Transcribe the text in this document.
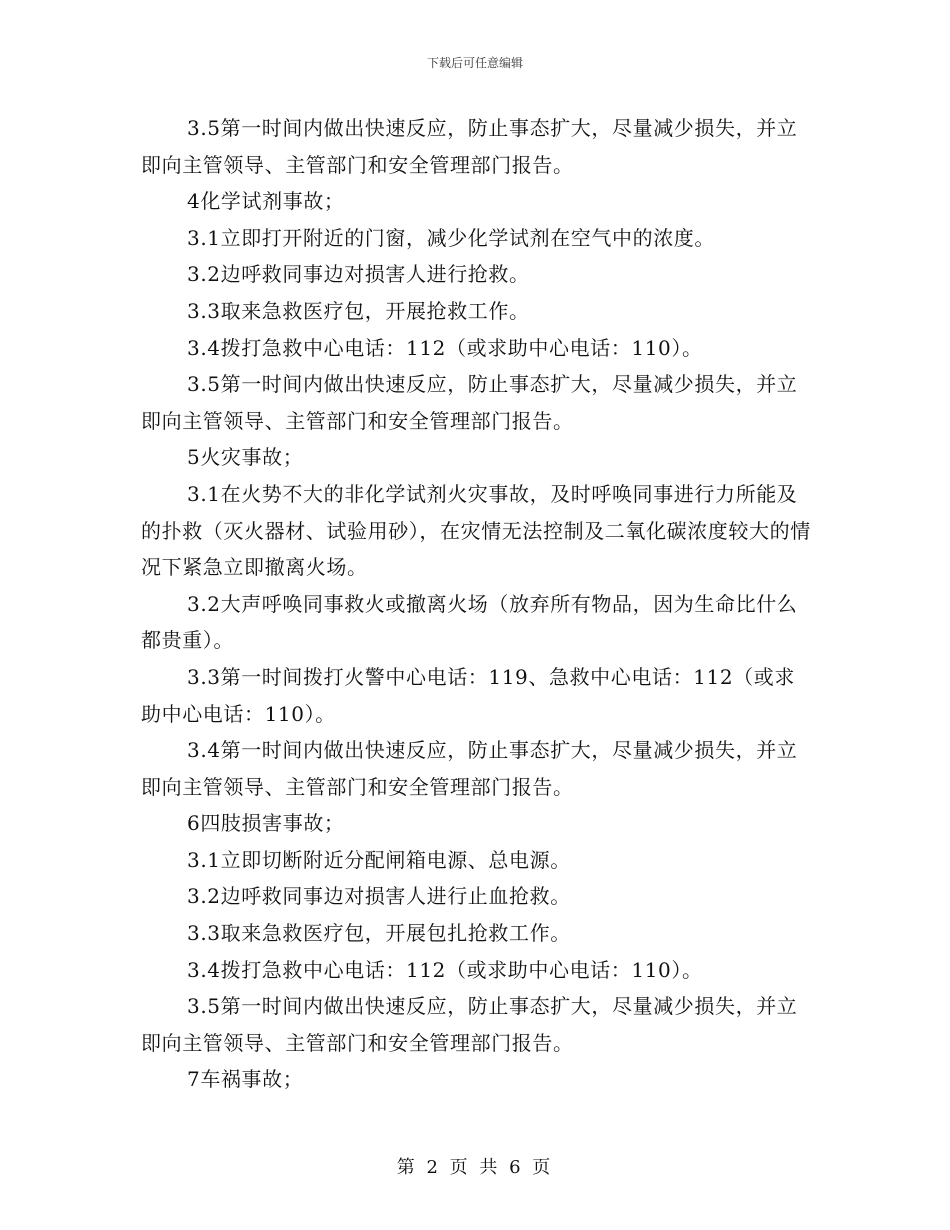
下载后可任意编辑

3.5第一时间内做出快速反应，防止事态扩大，尽量减少损失，并立即向主管领导、主管部门和安全管理部门报告。

4化学试剂事故；

3.1立即打开附近的门窗，减少化学试剂在空气中的浓度。

3.2边呼救同事边对损害人进行抢救。

3.3取来急救医疗包，开展抢救工作。

3.4拨打急救中心电话：112（或求助中心电话：110）。

3.5第一时间内做出快速反应，防止事态扩大，尽量减少损失，并立即向主管领导、主管部门和安全管理部门报告。

5火灾事故；

3.1在火势不大的非化学试剂火灾事故，及时呼唤同事进行力所能及的扑救（灭火器材、试验用砂），在灾情无法控制及二氧化碳浓度较大的情况下紧急立即撤离火场。

3.2大声呼唤同事救火或撤离火场（放弃所有物品，因为生命比什么都贵重）。

3.3第一时间拨打火警中心电话：119、急救中心电话：112（或求助中心电话：110）。

3.4第一时间内做出快速反应，防止事态扩大，尽量减少损失，并立即向主管领导、主管部门和安全管理部门报告。

6四肢损害事故；

3.1立即切断附近分配闸箱电源、总电源。

3.2边呼救同事边对损害人进行止血抢救。

3.3取来急救医疗包，开展包扎抢救工作。

3.4拨打急救中心电话：112（或求助中心电话：110）。

3.5第一时间内做出快速反应，防止事态扩大，尽量减少损失，并立即向主管领导、主管部门和安全管理部门报告。

7车祸事故；

第 2 页 共 6 页
